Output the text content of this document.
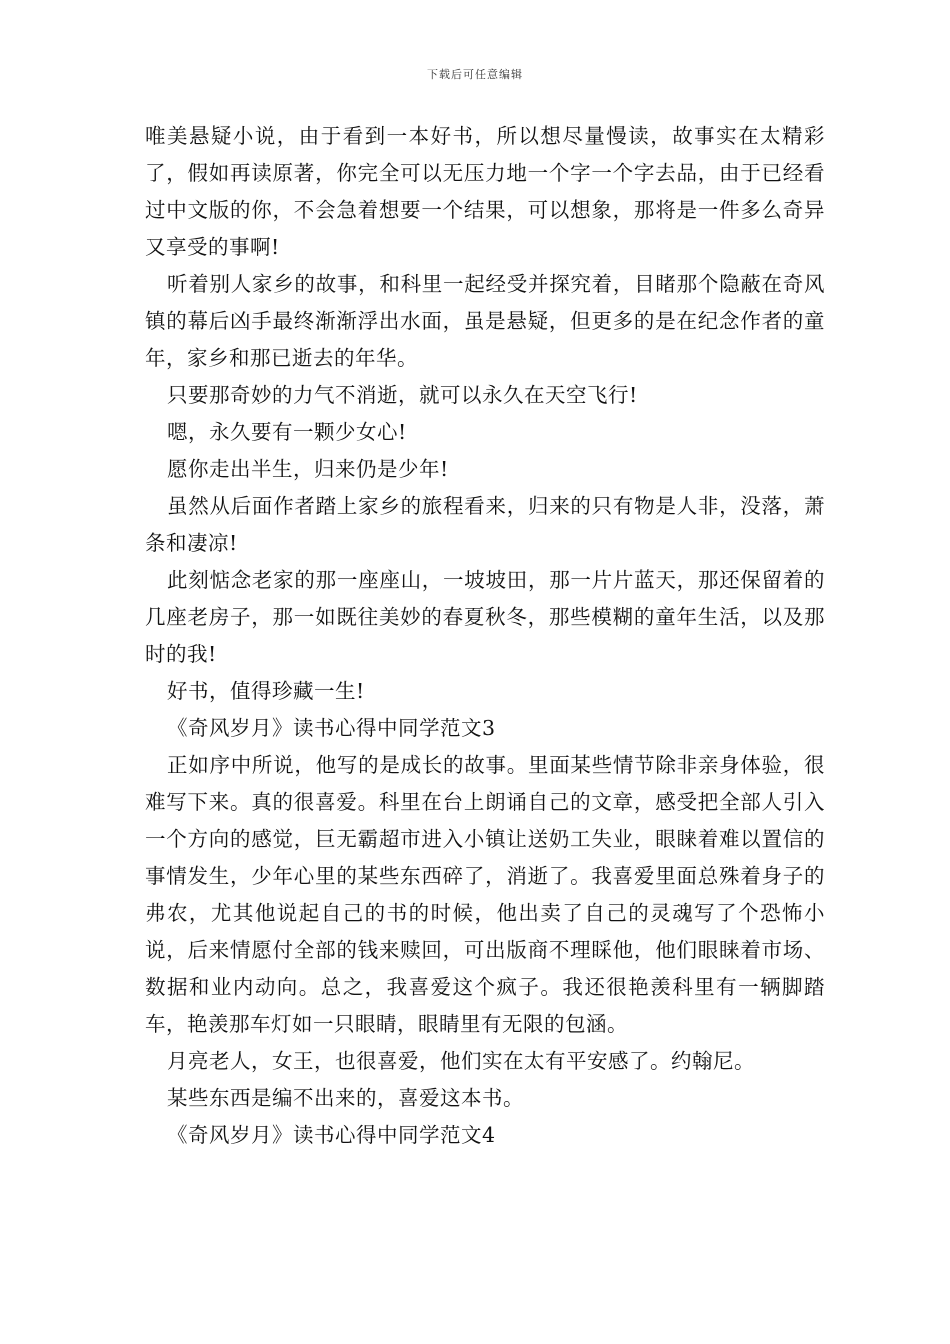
下载后可任意编辑

唯美悬疑小说，由于看到一本好书，所以想尽量慢读，故事实在太精彩了，假如再读原著，你完全可以无压力地一个字一个字去品，由于已经看过中文版的你，不会急着想要一个结果，可以想象，那将是一件多么奇异又享受的事啊!

听着别人家乡的故事，和科里一起经受并探究着，目睹那个隐蔽在奇风镇的幕后凶手最终渐渐浮出水面，虽是悬疑，但更多的是在纪念作者的童年，家乡和那已逝去的年华。

只要那奇妙的力气不消逝，就可以永久在天空飞行!

嗯，永久要有一颗少女心!

愿你走出半生，归来仍是少年!

虽然从后面作者踏上家乡的旅程看来，归来的只有物是人非，没落，萧条和凄凉!

此刻惦念老家的那一座座山，一坡坡田，那一片片蓝天，那还保留着的几座老房子，那一如既往美妙的春夏秋冬，那些模糊的童年生活，以及那时的我!

好书，值得珍藏一生!

《奇风岁月》读书心得中同学范文3

正如序中所说，他写的是成长的故事。里面某些情节除非亲身体验，很难写下来。真的很喜爱。科里在台上朗诵自己的文章，感受把全部人引入一个方向的感觉，巨无霸超市进入小镇让送奶工失业，眼睐着难以置信的事情发生，少年心里的某些东西碎了，消逝了。我喜爱里面总殊着身子的弗农，尤其他说起自己的书的时候，他出卖了自己的灵魂写了个恐怖小说，后来情愿付全部的钱来赎回，可出版商不理睬他，他们眼睐着市场、数据和业内动向。总之，我喜爱这个疯子。我还很艳羡科里有一辆脚踏车，艳羡那车灯如一只眼睛，眼睛里有无限的包涵。

月亮老人，女王，也很喜爱，他们实在太有平安感了。约翰尼。

某些东西是编不出来的，喜爱这本书。

《奇风岁月》读书心得中同学范文4
